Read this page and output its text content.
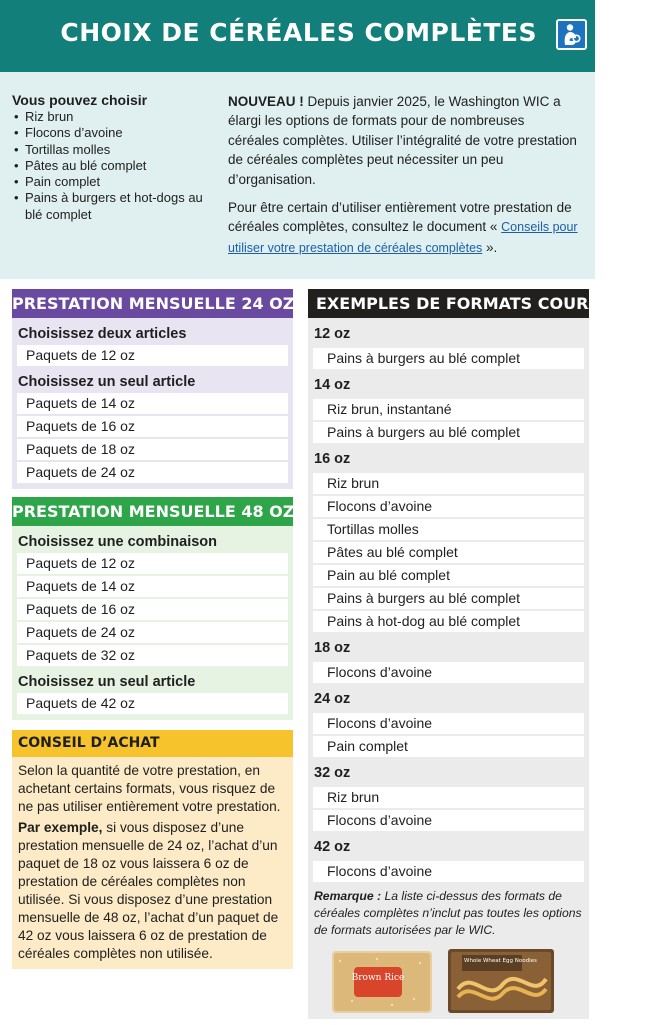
CHOIX DE CÉRÉALES COMPLÈTES
Vous pouvez choisir
• Riz brun
• Flocons d’avoine
• Tortillas molles
• Pâtes au blé complet
• Pain complet
• Pains à burgers et hot-dogs au blé complet

NOUVEAU ! Depuis janvier 2025, le Washington WIC a élargi les options de formats pour de nombreuses céréales complètes. Utiliser l’intégralité de votre prestation de céréales complètes peut nécessiter un peu d’organisation.

Pour être certain d’utiliser entièrement votre prestation de céréales complètes, consultez le document « Conseils pour utiliser votre prestation de céréales complètes ».

PRESTATION MENSUELLE 24 OZ :
Choisissez deux articles
Paquets de 12 oz
Choisissez un seul article
Paquets de 14 oz
Paquets de 16 oz
Paquets de 18 oz
Paquets de 24 oz
PRESTATION MENSUELLE 48 OZ :
Choisissez une combinaison
Paquets de 12 oz
Paquets de 14 oz
Paquets de 16 oz
Paquets de 24 oz
Paquets de 32 oz
Choisissez un seul article
Paquets de 42 oz
CONSEIL D’ACHAT

Selon la quantité de votre prestation, en achetant certains formats, vous risquez de ne pas utiliser entièrement votre prestation.

Par exemple, si vous disposez d’une prestation mensuelle de 24 oz, l’achat d’un paquet de 18 oz vous laissera 6 oz de prestation de céréales complètes non utilisée. Si vous disposez d’une prestation mensuelle de 48 oz, l’achat d’un paquet de 42 oz vous laissera 6 oz de prestation de céréales complètes non utilisée.

EXEMPLES DE FORMATS COURANTS :
12 oz
Pains à burgers au blé complet
14 oz
Riz brun, instantané
Pains à burgers au blé complet
16 oz
Riz brun
Flocons d’avoine
Tortillas molles
Pâtes au blé complet
Pain au blé complet
Pains à burgers au blé complet
Pains à hot-dog au blé complet
18 oz
Flocons d’avoine
24 oz
Flocons d’avoine
Pain complet
32 oz
Riz brun
Flocons d’avoine
42 oz
Flocons d’avoine
Remarque : La liste ci-dessus des formats de céréales complètes n’inclut pas toutes les options de formats autorisées par le WIC.
Brown Rice
Whole Wheat Egg Noodles
